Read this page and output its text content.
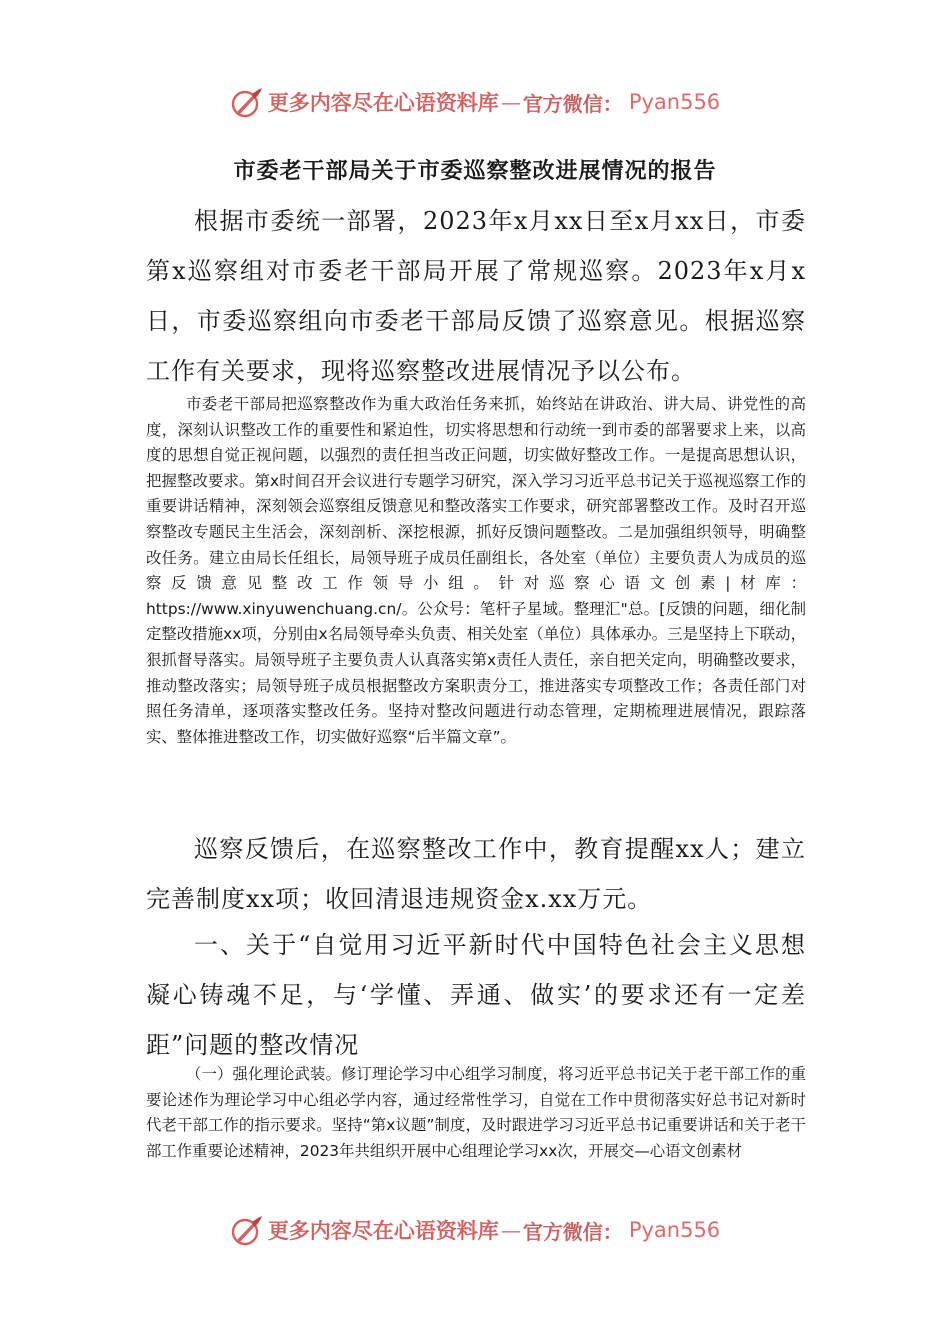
更多内容尽在心语资料库 — 官方微信： Pyan556
市委老干部局关于市委巡察整改进展情况的报告
根据市委统一部署，2023年x月xx日至x月xx日，市委第x巡察组对市委老干部局开展了常规巡察。2023年x月x日，市委巡察组向市委老干部局反馈了巡察意见。根据巡察工作有关要求，现将巡察整改进展情况予以公布。
市委老干部局把巡察整改作为重大政治任务来抓，始终站在讲政治、讲大局、讲党性的高度，深刻认识整改工作的重要性和紧迫性，切实将思想和行动统一到市委的部署要求上来，以高度的思想自觉正视问题，以强烈的责任担当改正问题，切实做好整改工作。一是提高思想认识，把握整改要求。第x时间召开会议进行专题学习研究，深入学习习近平总书记关于巡视巡察工作的重要讲话精神，深刻领会巡察组反馈意见和整改落实工作要求，研究部署整改工作。及时召开巡察整改专题民主生活会，深刻剖析、深挖根源，抓好反馈问题整改。二是加强组织领导，明确整改任务。建立由局长任组长，局领导班子成员任副组长，各处室（单位）主要负责人为成员的巡察反馈意见整改工作领导小组。针对巡察心语文创素|材库：https://www.xinyuwenchuang.cn/。公众号：笔杆子星域。整理汇"总。[反馈的问题，细化制定整改措施xx项，分别由x名局领导牵头负责、相关处室（单位）具体承办。三是坚持上下联动，狠抓督导落实。局领导班子主要负责人认真落实第x责任人责任，亲自把关定向，明确整改要求，推动整改落实；局领导班子成员根据整改方案职责分工，推进落实专项整改工作；各责任部门对照任务清单，逐项落实整改任务。坚持对整改问题进行动态管理，定期梳理进展情况，跟踪落实、整体推进整改工作，切实做好巡察“后半篇文章”。
巡察反馈后，在巡察整改工作中，教育提醒xx人；建立完善制度xx项；收回清退违规资金x.xx万元。
一、关于“自觉用习近平新时代中国特色社会主义思想凝心铸魂不足，与‘学懂、弄通、做实’的要求还有一定差距”问题的整改情况
（一）强化理论武装。修订理论学习中心组学习制度，将习近平总书记关于老干部工作的重要论述作为理论学习中心组必学内容，通过经常性学习，自觉在工作中贯彻落实好总书记对新时代老干部工作的指示要求。坚持“第x议题”制度，及时跟进学习习近平总书记重要讲话和关于老干部工作重要论述精神，2023年共组织开展中心组理论学习xx次，开展交—心语文创素材
更多内容尽在心语资料库 — 官方微信： Pyan556
